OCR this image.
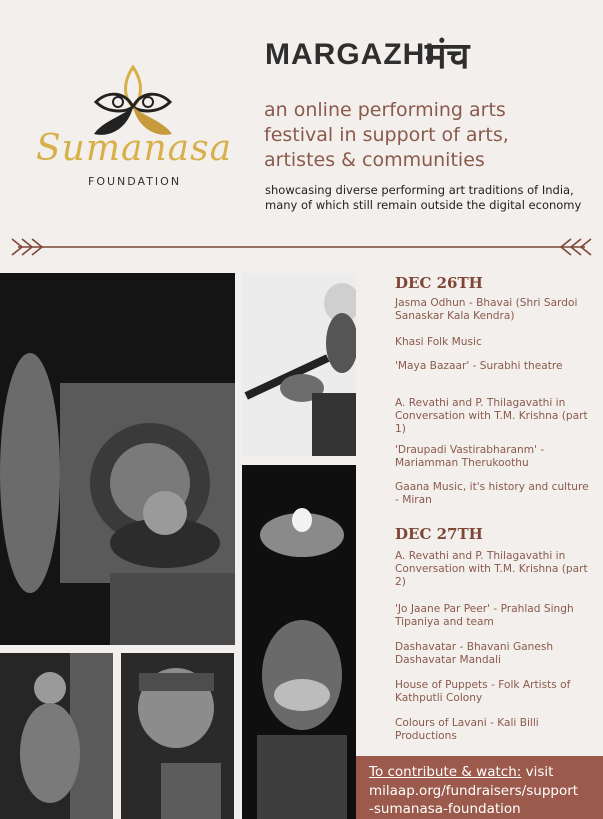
Sumanasa
FOUNDATION
MARGAZHI
मंच
an online performing arts festival in support of arts, artistes & communities
showcasing diverse performing art traditions of India, many of which still remain outside the digital economy
DEC 26TH
Jasma Odhun - Bhavai (Shri Sardoi Sanaskar Kala Kendra)
Khasi Folk Music
'Maya Bazaar' - Surabhi theatre
A. Revathi and P. Thilagavathi in Conversation with T.M. Krishna (part 1)
'Draupadi Vastirabharanm' - Mariamman Therukoothu
Gaana Music, it's history and culture - Miran
DEC 27TH
A. Revathi and P. Thilagavathi in Conversation with T.M. Krishna (part 2)
'Jo Jaane Par Peer' - Prahlad Singh Tipaniya and team
Dashavatar - Bhavani Ganesh Dashavatar Mandali
House of Puppets - Folk Artists of Kathputli Colony
Colours of Lavani - Kali Billi Productions
To contribute & watch: visit
milaap.org/fundraisers/support
-sumanasa-foundation
